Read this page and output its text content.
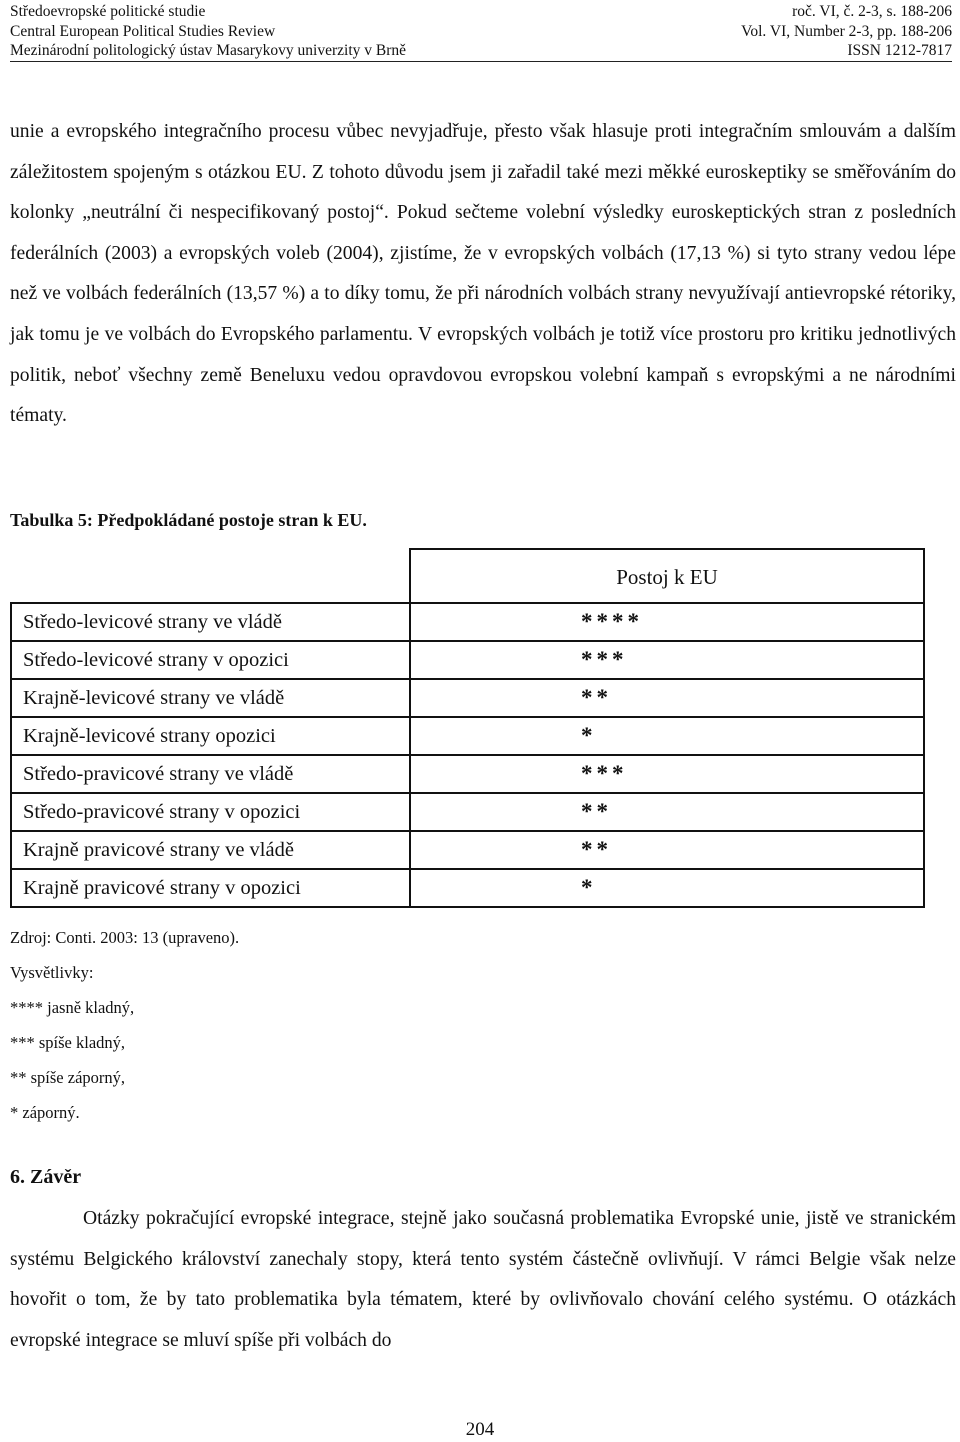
Středoevropské politické studie	roč. VI, č. 2-3, s. 188-206
Central European Political Studies Review	Vol. VI, Number 2-3, pp. 188-206
Mezinárodní politologický ústav Masarykovy univerzity v Brně	ISSN 1212-7817

unie a evropského integračního procesu vůbec nevyjadřuje, přesto však hlasuje proti integračním smlouvám a dalším záležitostem spojeným s otázkou EU. Z tohoto důvodu jsem ji zařadil také mezi měkké euroskeptiky se směřováním do kolonky „neutrální či nespecifikovaný postoj“. Pokud sečteme volební výsledky euroskeptických stran z posledních federálních (2003) a evropských voleb (2004), zjistíme, že v evropských volbách (17,13 %) si tyto strany vedou lépe než ve volbách federálních (13,57 %) a to díky tomu, že při národních volbách strany nevyužívají antievropské rétoriky, jak tomu je ve volbách do Evropského parlamentu. V evropských volbách je totiž více prostoru pro kritiku jednotlivých politik, neboť všechny země Beneluxu vedou opravdovou evropskou volební kampaň s evropskými a ne národními tématy.

Tabulka 5: Předpokládané postoje stran k EU.

	Postoj k EU
Středo-levicové strany ve vládě	****
Středo-levicové strany v opozici	***
Krajně-levicové strany ve vládě	**
Krajně-levicové strany opozici	*
Středo-pravicové strany ve vládě	***
Středo-pravicové strany v opozici	**
Krajně pravicové strany ve vládě	**
Krajně pravicové strany v opozici	*
Zdroj: Conti. 2003: 13 (upraveno).
Vysvětlivky:
**** jasně kladný,
*** spíše kladný,
** spíše záporný,
* záporný.
6. Závěr

Otázky pokračující evropské integrace, stejně jako současná problematika Evropské unie, jistě ve stranickém systému Belgického království zanechaly stopy, která tento systém částečně ovlivňují. V rámci Belgie však nelze hovořit o tom, že by tato problematika byla tématem, které by ovlivňovalo chování celého systému. O otázkách evropské integrace se mluví spíše při volbách do

204
